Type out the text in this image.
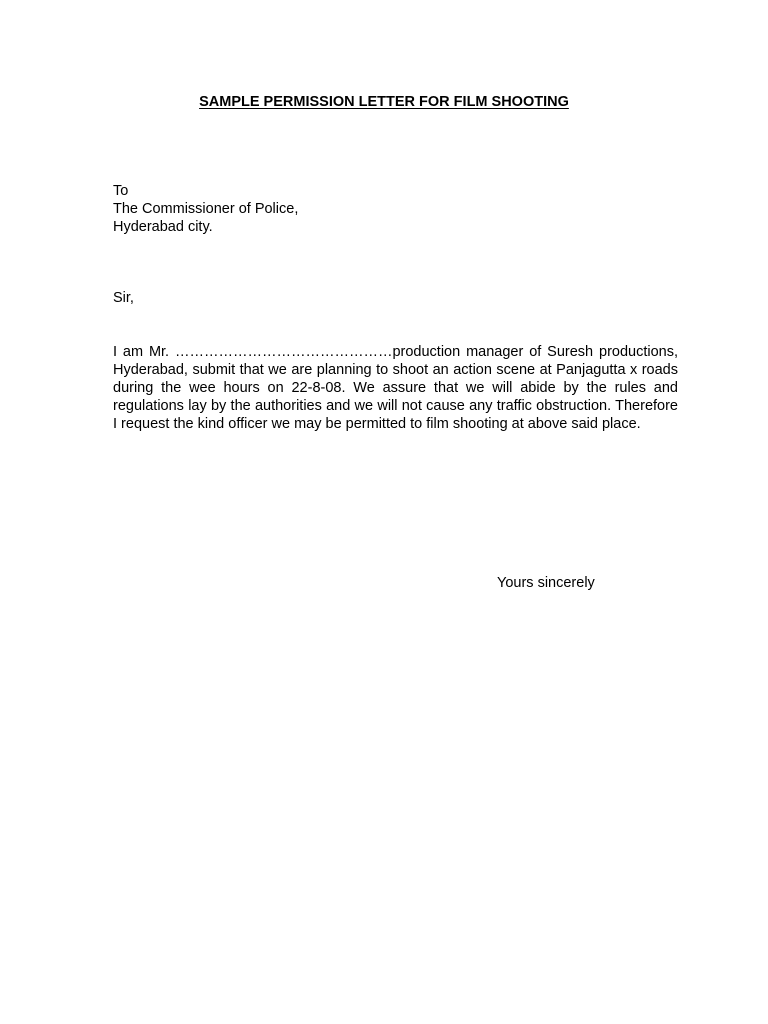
SAMPLE PERMISSION LETTER FOR FILM SHOOTING
To
The Commissioner of Police,
Hyderabad city.
Sir,
I am Mr. ………………………………………production manager of Suresh productions, Hyderabad, submit that we are planning to shoot an action scene at Panjagutta x roads during the wee hours on 22-8-08. We assure that we will abide by the rules and regulations lay by the authorities and we will not cause any traffic obstruction. Therefore I request the kind officer we may be permitted to film shooting at above said place.
Yours sincerely
